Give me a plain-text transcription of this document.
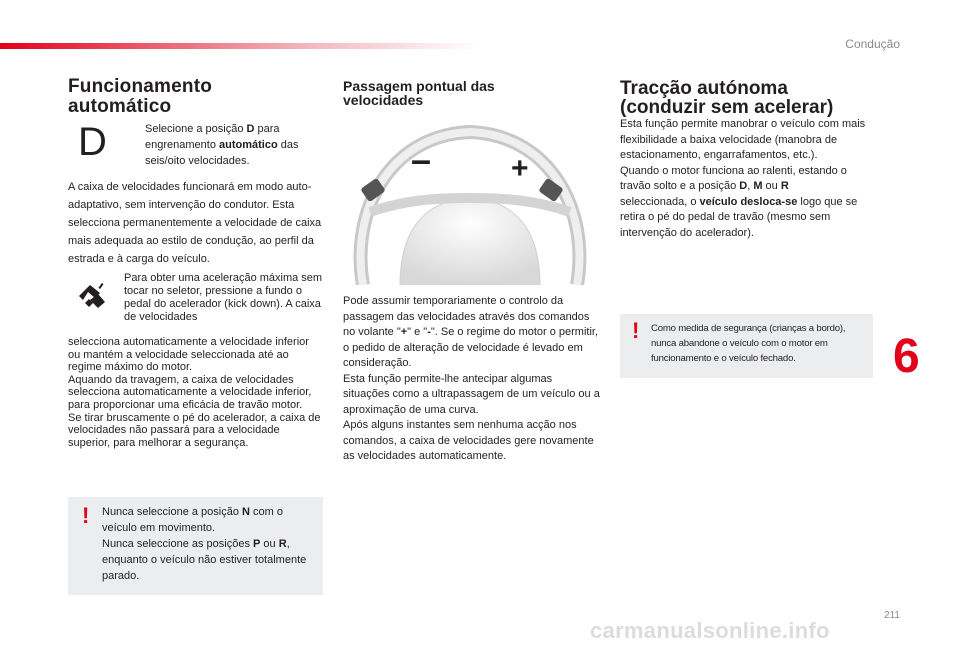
Condução
Funcionamento
automático
D	Selecione a posição D para engrenamento automático das seis/oito velocidades.

A caixa de velocidades funcionará em modo auto-adaptativo, sem intervenção do condutor. Esta selecciona permanentemente a velocidade de caixa mais adequada ao estilo de condução, ao perfil da estrada e à carga do veículo.

Para obter uma aceleração máxima sem tocar no seletor, pressione a fundo o pedal do acelerador (kick down). A caixa de velocidades

selecciona automaticamente a velocidade inferior ou mantém a velocidade seleccionada até ao regime máximo do motor.
Aquando da travagem, a caixa de velocidades selecciona automaticamente a velocidade inferior, para proporcionar uma eficácia de travão motor.
Se tirar bruscamente o pé do acelerador, a caixa de velocidades não passará para a velocidade superior, para melhorar a segurança.

! Nunca seleccione a posição N com o veículo em movimento.
Nunca seleccione as posições P ou R, enquanto o veículo não estiver totalmente parado.
Passagem pontual das
velocidades
–	+

Pode assumir temporariamente o controlo da passagem das velocidades através dos comandos no volante "+" e "-". Se o regime do motor o permitir, o pedido de alteração de velocidade é levado em consideração.
Esta função permite-lhe antecipar algumas situações como a ultrapassagem de um veículo ou a aproximação de uma curva.
Após alguns instantes sem nenhuma acção nos comandos, a caixa de velocidades gere novamente as velocidades automaticamente.

Tracção autónoma
(conduzir sem acelerar)

Esta função permite manobrar o veículo com mais flexibilidade a baixa velocidade (manobra de estacionamento, engarrafamentos, etc.).
Quando o motor funciona ao ralenti, estando o travão solto e a posição D, M ou R
seleccionada, o veículo desloca-se logo que se retira o pé do pedal de travão (mesmo sem intervenção do acelerador).

! Como medida de segurança (crianças a bordo), nunca abandone o veículo com o motor em funcionamento e o veículo fechado.	6
211
carmanualsonline.info
